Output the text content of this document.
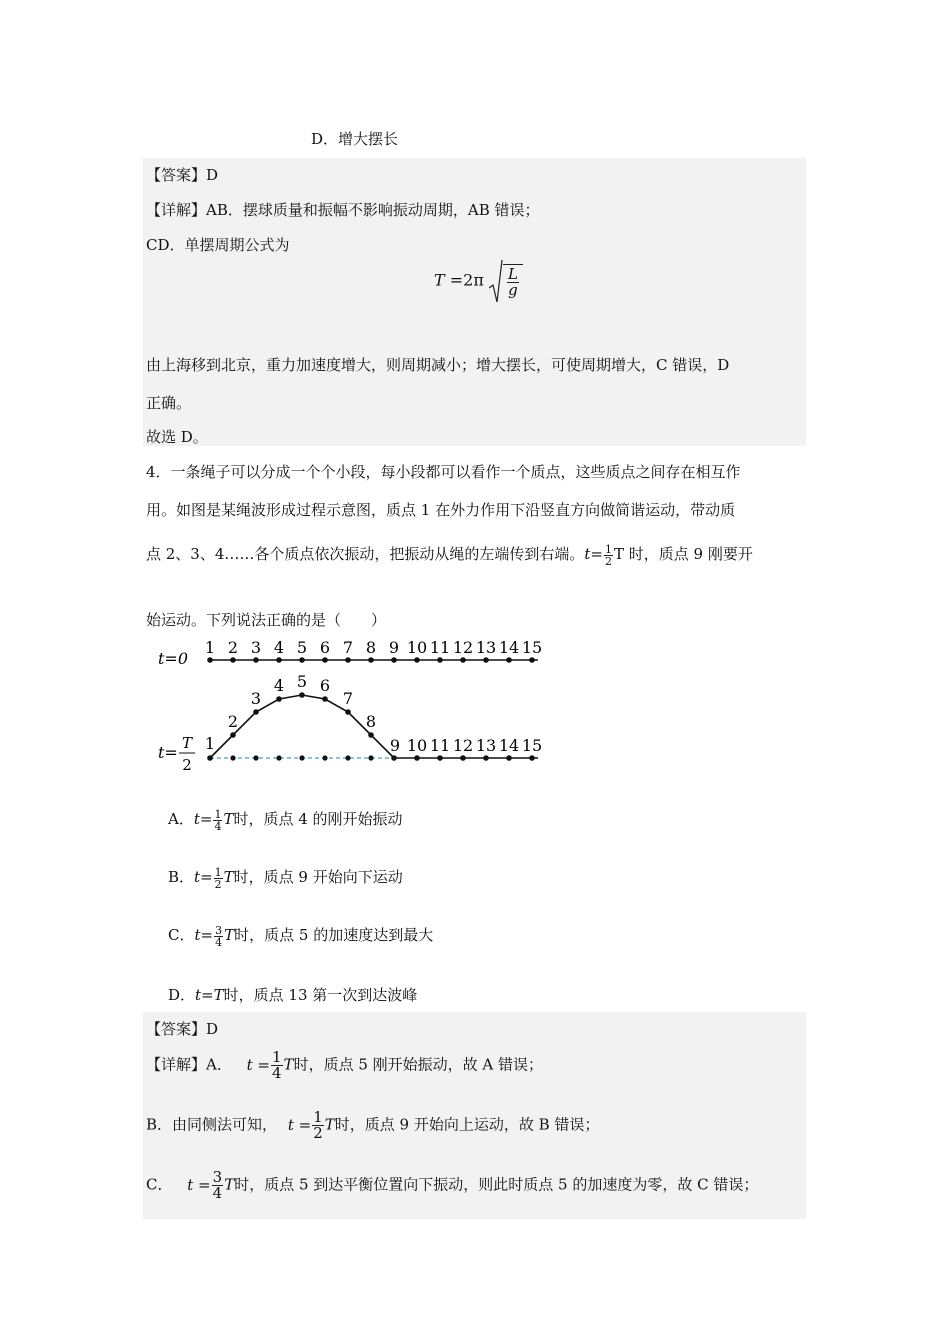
D．增大摆长
【答案】D
【详解】AB．摆球质量和振幅不影响振动周期，AB 错误；
CD．单摆周期公式为
$T =2\pi \frac{L}{g}$
由上海移到北京，重力加速度增大，则周期减小；增大摆长，可使周期增大，C 错误，D
正确。
故选 D。
4．一条绳子可以分成一个个小段，每小段都可以看作一个质点，这些质点之间存在相互作
用。如图是某绳波形成过程示意图，质点 1 在外力作用下沿竖直方向做简谐运动，带动质
点 2、3、4……各个质点依次振动，把振动从绳的左端传到右端。$t= \frac{1}{2}$ T 时，质点 9 刚要开
始运动。下列说法正确的是（　　）
t=0
1 2 3 4 5 6 7 8 9 10 11 12 13 14 15
1
2
3
4 5 6
7
8
9 10 11 12 13 14 15
t= T
2
A．$t= \frac{1}{4}$ T时，质点 4 的刚开始振动
B．$t= \frac{1}{2}$ T时，质点 9 开始向下运动
C．$t= \frac{3}{4}$ T时，质点 5 的加速度达到最大
D．t=T时，质点 13 第一次到达波峰
【答案】D
【详解】A． $t = \frac{1}{4}$ T时，质点 5 刚开始振动，故 A 错误；
B．由同侧法可知， $t = \frac{1}{2}$ T时，质点 9 开始向上运动，故 B 错误；
C． $t = \frac{3}{4}$ T时，质点 5 到达平衡位置向下振动，则此时质点 5 的加速度为零，故 C 错误；
